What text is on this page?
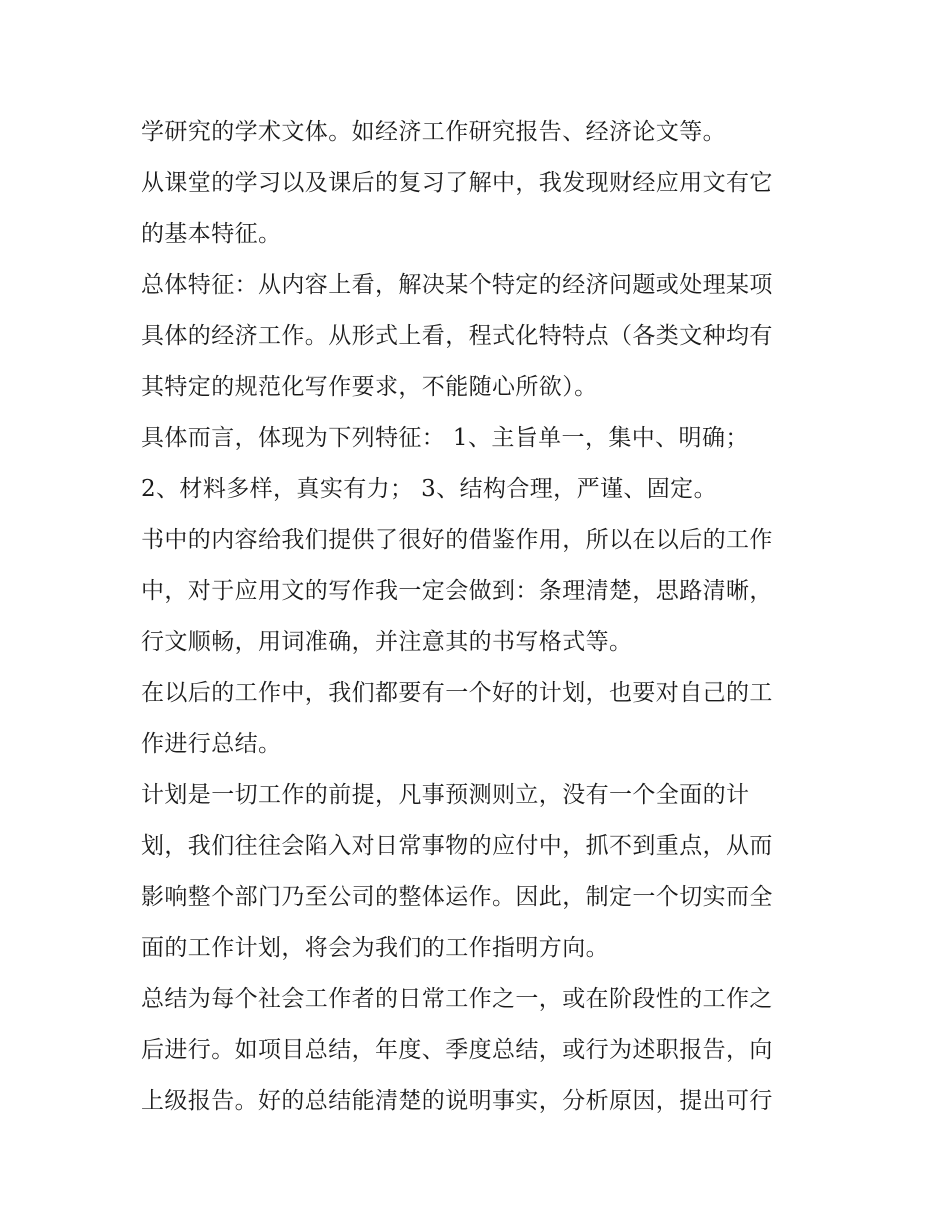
学研究的学术文体。如经济工作研究报告、经济论文等。
从课堂的学习以及课后的复习了解中，我发现财经应用文有它
的基本特征。
总体特征：从内容上看，解决某个特定的经济问题或处理某项
具体的经济工作。从形式上看，程式化特特点（各类文种均有
其特定的规范化写作要求，不能随心所欲）。
具体而言，体现为下列特征： 1、主旨单一，集中、明确；
2、材料多样，真实有力； 3、结构合理，严谨、固定。
书中的内容给我们提供了很好的借鉴作用，所以在以后的工作
中，对于应用文的写作我一定会做到：条理清楚，思路清晰，
行文顺畅，用词准确，并注意其的书写格式等。
在以后的工作中，我们都要有一个好的计划，也要对自己的工
作进行总结。
计划是一切工作的前提，凡事预测则立，没有一个全面的计
划，我们往往会陷入对日常事物的应付中，抓不到重点，从而
影响整个部门乃至公司的整体运作。因此，制定一个切实而全
面的工作计划，将会为我们的工作指明方向。
总结为每个社会工作者的日常工作之一，或在阶段性的工作之
后进行。如项目总结，年度、季度总结，或行为述职报告，向
上级报告。好的总结能清楚的说明事实，分析原因，提出可行
